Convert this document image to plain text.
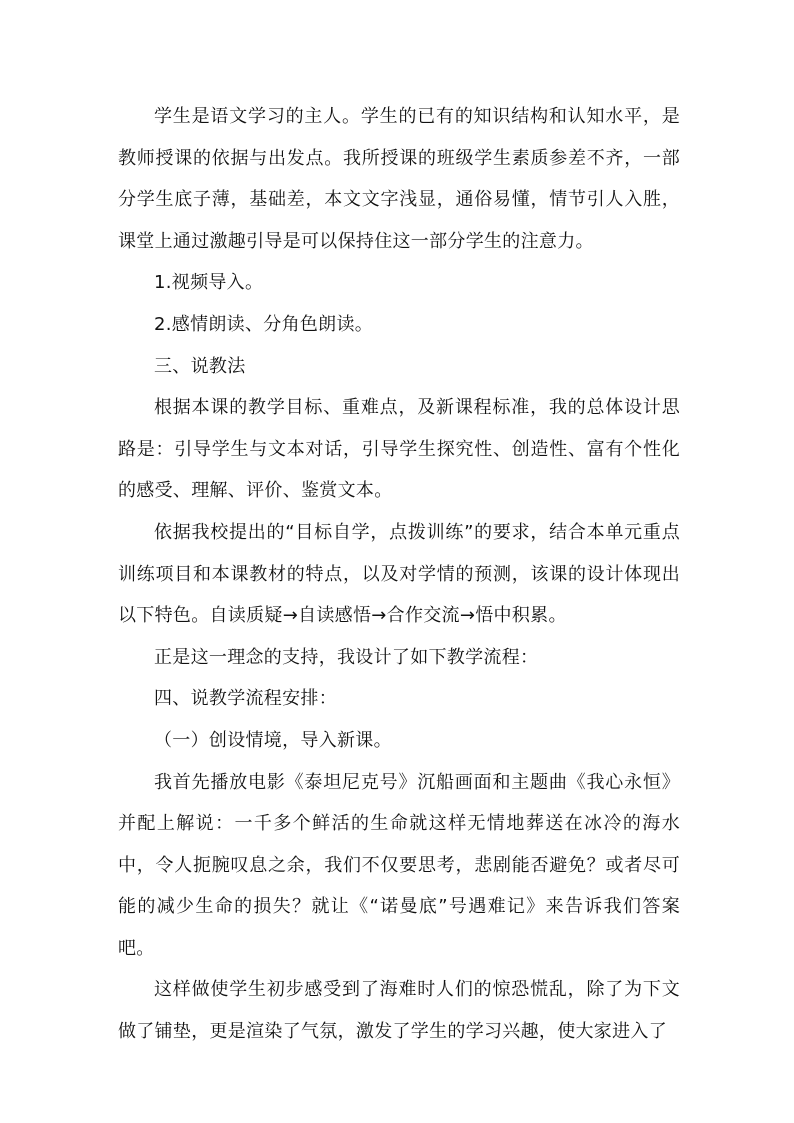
学生是语文学习的主人。学生的已有的知识结构和认知水平，是教师授课的依据与出发点。我所授课的班级学生素质参差不齐，一部分学生底子薄，基础差，本文文字浅显，通俗易懂，情节引人入胜，课堂上通过激趣引导是可以保持住这一部分学生的注意力。

1.视频导入。

2.感情朗读、分角色朗读。

三、说教法

根据本课的教学目标、重难点，及新课程标准，我的总体设计思路是：引导学生与文本对话，引导学生探究性、创造性、富有个性化的感受、理解、评价、鉴赏文本。

依据我校提出的“目标自学，点拨训练”的要求，结合本单元重点训练项目和本课教材的特点，以及对学情的预测，该课的设计体现出以下特色。自读质疑→自读感悟→合作交流→悟中积累。

正是这一理念的支持，我设计了如下教学流程：

四、说教学流程安排：

（一）创设情境，导入新课。

我首先播放电影《泰坦尼克号》沉船画面和主题曲《我心永恒》并配上解说：一千多个鲜活的生命就这样无情地葬送在冰冷的海水中，令人扼腕叹息之余，我们不仅要思考，悲剧能否避免？或者尽可能的减少生命的损失？就让《“诺曼底”号遇难记》来告诉我们答案吧。

这样做使学生初步感受到了海难时人们的惊恐慌乱，除了为下文做了铺垫，更是渲染了气氛，激发了学生的学习兴趣，使大家进入了
